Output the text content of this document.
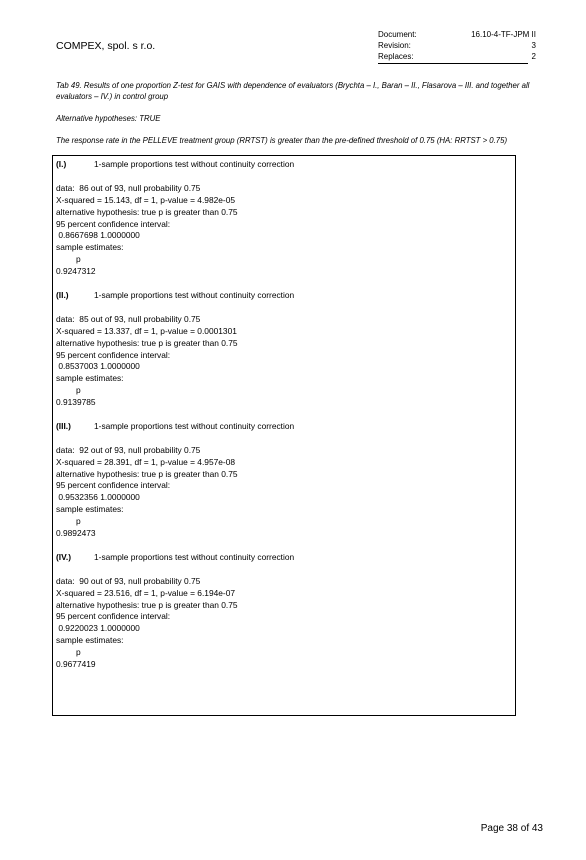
COMPEX, spol. s r.o.
Document:	16.10-4-TF-JPM II
Revision:	3
Replaces:	2
Tab 49. Results of one proportion Z-test for GAIS with dependence of evaluators (Brychta – I., Baran – II., Flasarova – III. and together all evaluators – IV.) in control group
Alternative hypotheses: TRUE
The response rate in the PELLEVE treatment group (RRTST) is greater than the pre-defined threshold of 0.75 (HA: RRTST > 0.75)
(I.)	1-sample proportions test without continuity correction
data:  86 out of 93, null probability 0.75
X-squared = 15.143, df = 1, p-value = 4.982e-05
alternative hypothesis: true p is greater than 0.75
95 percent confidence interval:
0.8667698 1.0000000
sample estimates:
p
0.9247312
(II.)	1-sample proportions test without continuity correction
data:  85 out of 93, null probability 0.75
X-squared = 13.337, df = 1, p-value = 0.0001301
alternative hypothesis: true p is greater than 0.75
95 percent confidence interval:
0.8537003 1.0000000
sample estimates:
p
0.9139785
(III.)	1-sample proportions test without continuity correction
data:  92 out of 93, null probability 0.75
X-squared = 28.391, df = 1, p-value = 4.957e-08
alternative hypothesis: true p is greater than 0.75
95 percent confidence interval:
0.9532356 1.0000000
sample estimates:
p
0.9892473
(IV.)	1-sample proportions test without continuity correction
data:  90 out of 93, null probability 0.75
X-squared = 23.516, df = 1, p-value = 6.194e-07
alternative hypothesis: true p is greater than 0.75
95 percent confidence interval:
0.9220023 1.0000000
sample estimates:
p
0.9677419
Page 38 of 43
